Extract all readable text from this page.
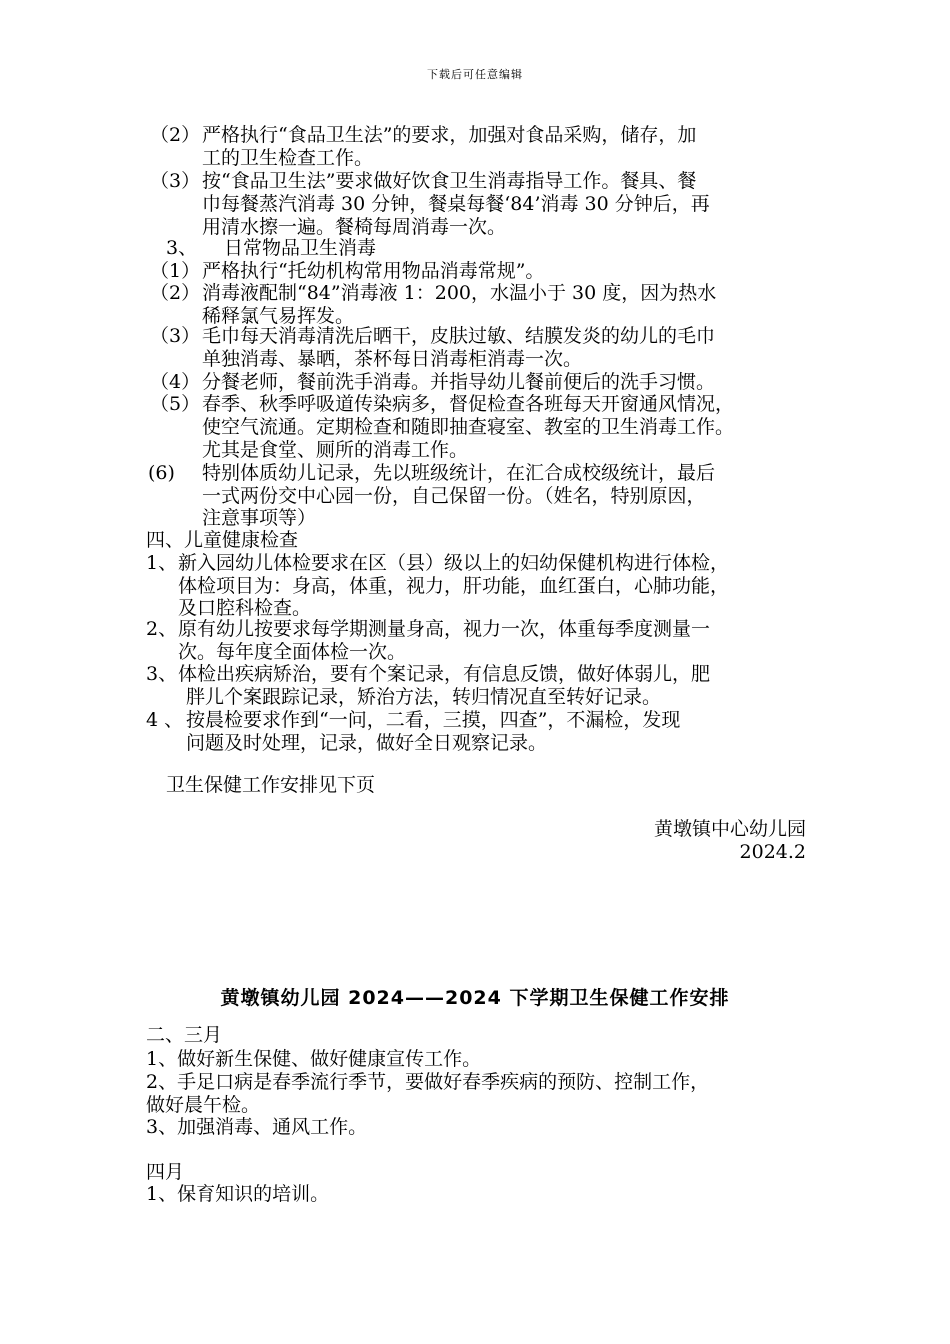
下载后可任意编辑
（2） 严格执行“食品卫生法”的要求，加强对食品采购，储存，加
工的卫生检查工作。
（3） 按“食品卫生法”要求做好饮食卫生消毒指导工作。餐具、餐
巾每餐蒸汽消毒 30 分钟，餐桌每餐‘84’消毒 30 分钟后，再
用清水擦一遍。餐椅每周消毒一次。
3、 日常物品卫生消毒
（1） 严格执行“托幼机构常用物品消毒常规”。
（2） 消毒液配制“84”消毒液 1：200，水温小于 30 度，因为热水
稀释氯气易挥发。
（3） 毛巾每天消毒清洗后晒干，皮肤过敏、结膜发炎的幼儿的毛巾
单独消毒、暴晒，茶杯每日消毒柜消毒一次。
（4） 分餐老师，餐前洗手消毒。并指导幼儿餐前便后的洗手习惯。
（5） 春季、秋季呼吸道传染病多，督促检查各班每天开窗通风情况，
使空气流通。定期检查和随即抽查寝室、教室的卫生消毒工作。
尤其是食堂、厕所的消毒工作。
(6) 特别体质幼儿记录，先以班级统计，在汇合成校级统计，最后
一式两份交中心园一份，自己保留一份。（姓名，特别原因，
注意事项等）
四、儿童健康检查
1、 新入园幼儿体检要求在区（县）级以上的妇幼保健机构进行体检，
体检项目为：身高，体重，视力，肝功能，血红蛋白，心肺功能，
及口腔科检查。
2、 原有幼儿按要求每学期测量身高，视力一次，体重每季度测量一
次。每年度全面体检一次。
3、 体检出疾病矫治，要有个案记录，有信息反馈，做好体弱儿，肥
胖儿个案跟踪记录，矫治方法，转归情况直至转好记录。
4 、 按晨检要求作到“一问，二看，三摸，四查”，不漏检，发现
问题及时处理，记录，做好全日观察记录。
卫生保健工作安排见下页
黄墩镇中心幼儿园
2024.2
黄墩镇幼儿园 2024——2024 下学期卫生保健工作安排
二、三月
1、做好新生保健、做好健康宣传工作。
2、手足口病是春季流行季节，要做好春季疾病的预防、控制工作，
做好晨午检。
3、加强消毒、通风工作。
四月
1、保育知识的培训。
